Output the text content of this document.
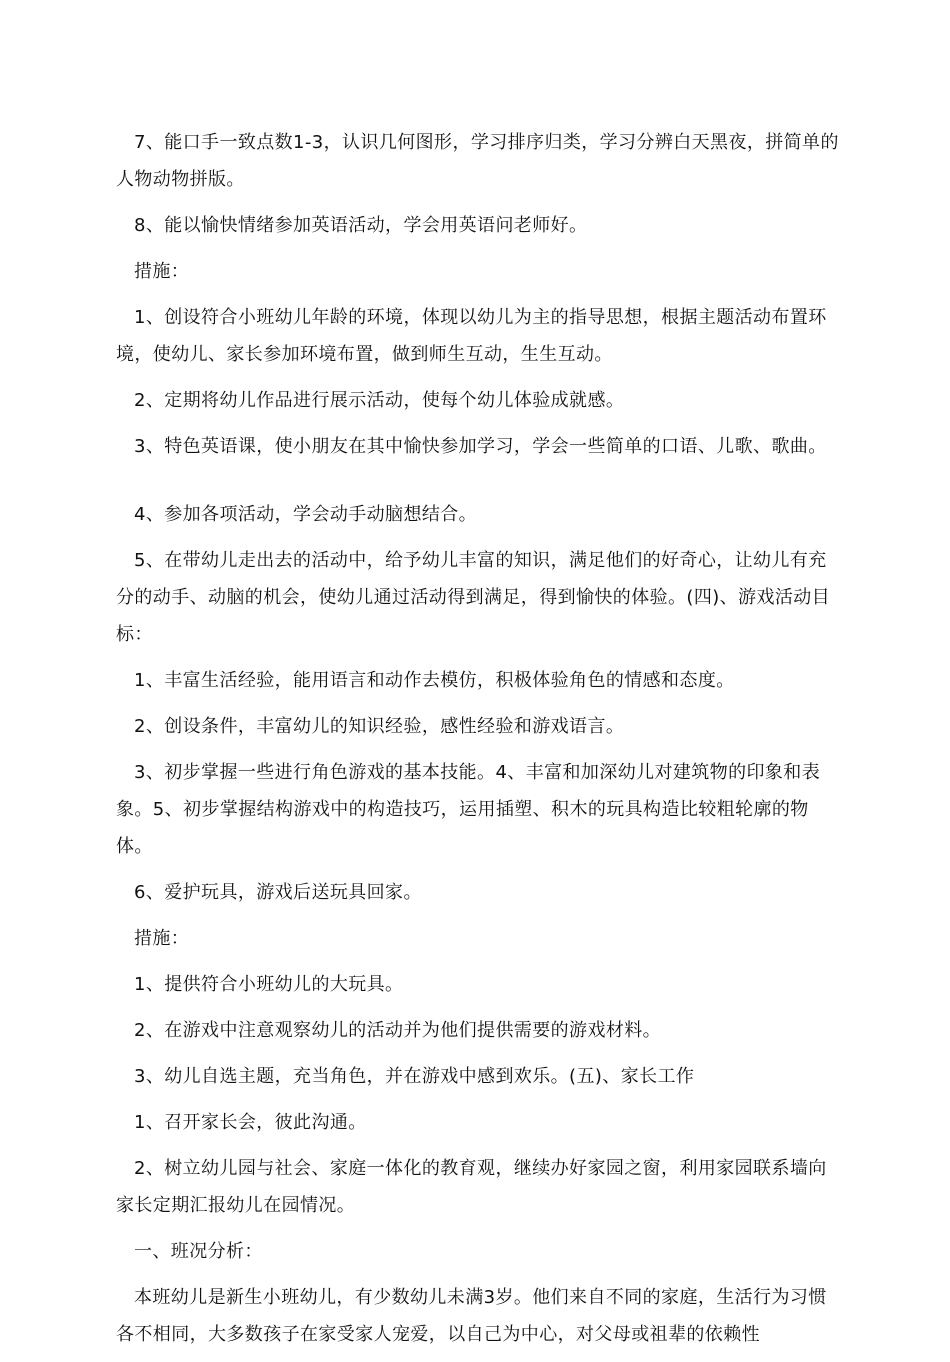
7、能口手一致点数1-3，认识几何图形，学习排序归类，学习分辨白天黑夜，拼简单的人物动物拼版。

8、能以愉快情绪参加英语活动，学会用英语问老师好。

措施：

1、创设符合小班幼儿年龄的环境，体现以幼儿为主的指导思想，根据主题活动布置环境，使幼儿、家长参加环境布置，做到师生互动，生生互动。

2、定期将幼儿作品进行展示活动，使每个幼儿体验成就感。

3、特色英语课，使小朋友在其中愉快参加学习，学会一些简单的口语、儿歌、歌曲。

4、参加各项活动，学会动手动脑想结合。

5、在带幼儿走出去的活动中，给予幼儿丰富的知识，满足他们的好奇心，让幼儿有充分的动手、动脑的机会，使幼儿通过活动得到满足，得到愉快的体验。(四)、游戏活动目标：

1、丰富生活经验，能用语言和动作去模仿，积极体验角色的情感和态度。

2、创设条件，丰富幼儿的知识经验，感性经验和游戏语言。

3、初步掌握一些进行角色游戏的基本技能。4、丰富和加深幼儿对建筑物的印象和表象。5、初步掌握结构游戏中的构造技巧，运用插塑、积木的玩具构造比较粗轮廓的物体。

6、爱护玩具，游戏后送玩具回家。

措施：

1、提供符合小班幼儿的大玩具。

2、在游戏中注意观察幼儿的活动并为他们提供需要的游戏材料。

3、幼儿自选主题，充当角色，并在游戏中感到欢乐。(五)、家长工作

1、召开家长会，彼此沟通。

2、树立幼儿园与社会、家庭一体化的教育观，继续办好家园之窗，利用家园联系墙向家长定期汇报幼儿在园情况。

一、班况分析：

本班幼儿是新生小班幼儿，有少数幼儿未满3岁。他们来自不同的家庭，生活行为习惯各不相同，大多数孩子在家受家人宠爱，以自己为中心，对父母或祖辈的依赖性
